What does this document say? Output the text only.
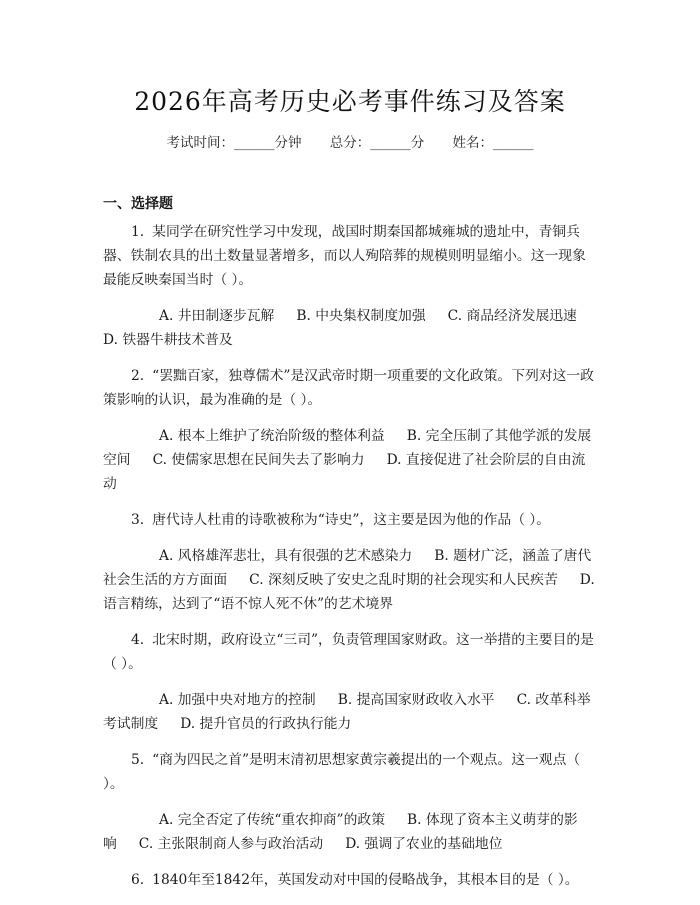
2026年高考历史必考事件练习及答案
考试时间：______分钟 总分：______分 姓名：______
一、选择题

1. 某同学在研究性学习中发现，战国时期秦国都城雍城的遗址中，青铜兵器、铁制农具的出土数量显著增多，而以人殉陪葬的规模则明显缩小。这一现象最能反映秦国当时（ ）。

A. 井田制逐步瓦解 B. 中央集权制度加强 C. 商品经济发展迅速D. 铁器牛耕技术普及

2. “罢黜百家，独尊儒术”是汉武帝时期一项重要的文化政策。下列对这一政策影响的认识，最为准确的是（ ）。

A. 根本上维护了统治阶级的整体利益 B. 完全压制了其他学派的发展空间 C. 使儒家思想在民间失去了影响力 D. 直接促进了社会阶层的自由流动

3. 唐代诗人杜甫的诗歌被称为“诗史”，这主要是因为他的作品（ ）。

A. 风格雄浑悲壮，具有很强的艺术感染力 B. 题材广泛，涵盖了唐代社会生活的方方面面 C. 深刻反映了安史之乱时期的社会现实和人民疾苦 D. 语言精练，达到了“语不惊人死不休”的艺术境界

4. 北宋时期，政府设立“三司”，负责管理国家财政。这一举措的主要目的是（ ）。

A. 加强中央对地方的控制 B. 提高国家财政收入水平 C. 改革科举考试制度 D. 提升官员的行政执行能力

5. “商为四民之首”是明末清初思想家黄宗羲提出的一个观点。这一观点（ ）。

A. 完全否定了传统“重农抑商”的政策 B. 体现了资本主义萌芽的影响 C. 主张限制商人参与政治活动 D. 强调了农业的基础地位

6. 1840年至1842年，英国发动对中国的侵略战争，其根本目的是（ ）。
